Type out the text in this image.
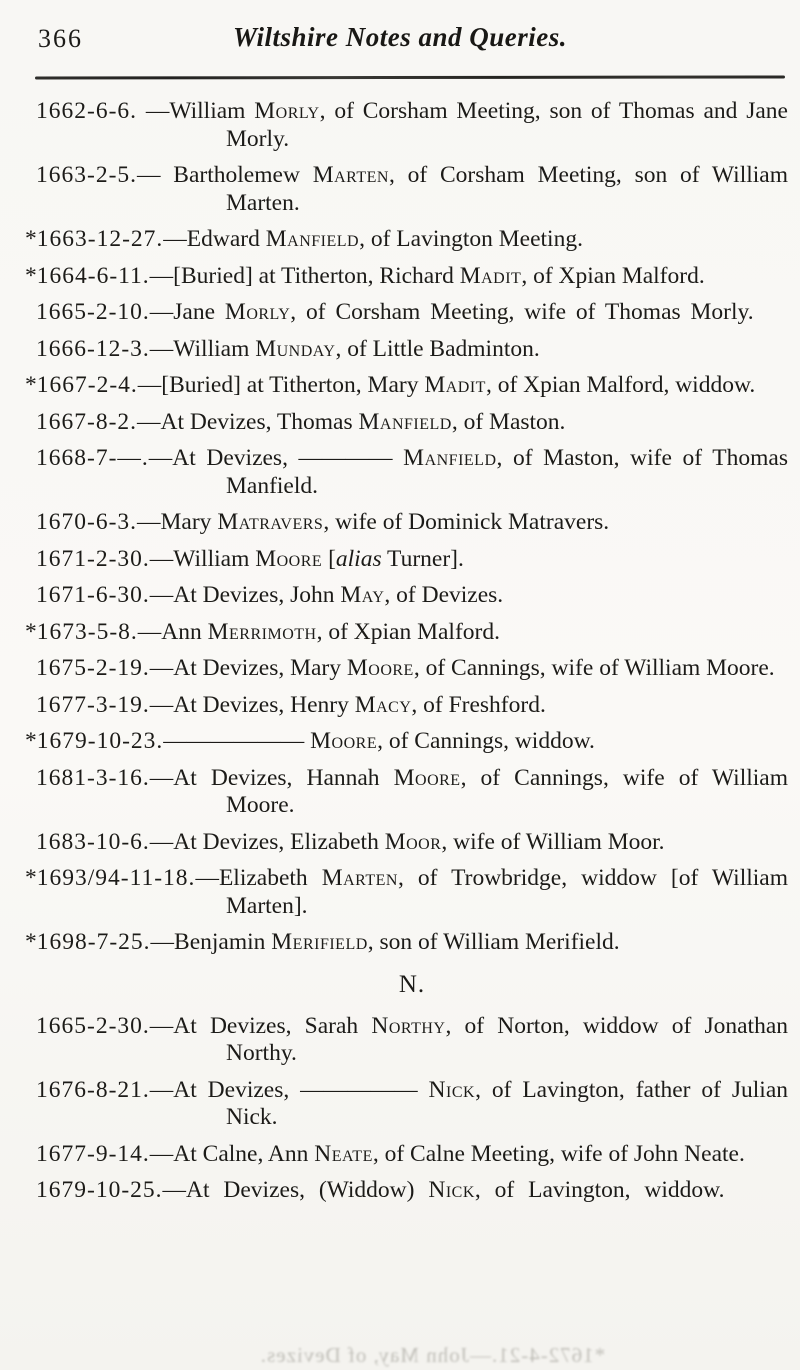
366	Wiltshire Notes and Queries.

1662-6-6. —William Morly, of Corsham Meeting, son of Thomas and Jane Morly.

1663-2-5.— Bartholemew Marten, of Corsham Meeting, son of William Marten.

*1663-12-27.—Edward Manfield, of Lavington Meeting.

*1664-6-11.—[Buried] at Titherton, Richard Madit, of Xpian Malford.

1665-2-10.—Jane Morly, of Corsham Meeting, wife of Thomas Morly.

1666-12-3.—William Munday, of Little Badminton.

*1667-2-4.—[Buried] at Titherton, Mary Madit, of Xpian Malford, widdow.

1667-8-2.—At Devizes, Thomas Manfield, of Maston.

1668-7-—.—At Devizes, ———— Manfield, of Maston, wife of Thomas Manfield.

1670-6-3.—Mary Matravers, wife of Dominick Matravers.

1671-2-30.—William Moore [alias Turner].

1671-6-30.—At Devizes, John May, of Devizes.

*1673-5-8.—Ann Merrimoth, of Xpian Malford.

1675-2-19.—At Devizes, Mary Moore, of Cannings, wife of William Moore.

1677-3-19.—At Devizes, Henry Macy, of Freshford.

*1679-10-23.—————— Moore, of Cannings, widdow.

1681-3-16.—At Devizes, Hannah Moore, of Cannings, wife of William Moore.

1683-10-6.—At Devizes, Elizabeth Moor, wife of William Moor.

*1693/94-11-18.—Elizabeth Marten, of Trowbridge, widdow [of William Marten].

*1698-7-25.—Benjamin Merifield, son of William Merifield.

N.

1665-2-30.—At Devizes, Sarah Northy, of Norton, widdow of Jonathan Northy.

1676-8-21.—At Devizes, ————— Nick, of Lavington, father of Julian Nick.

1677-9-14.—At Calne, Ann Neate, of Calne Meeting, wife of John Neate.

1679-10-25.—At Devizes, (Widdow) Nick, of Lavington, widdow.

*1672-4-21.—John May, of Devizes.
